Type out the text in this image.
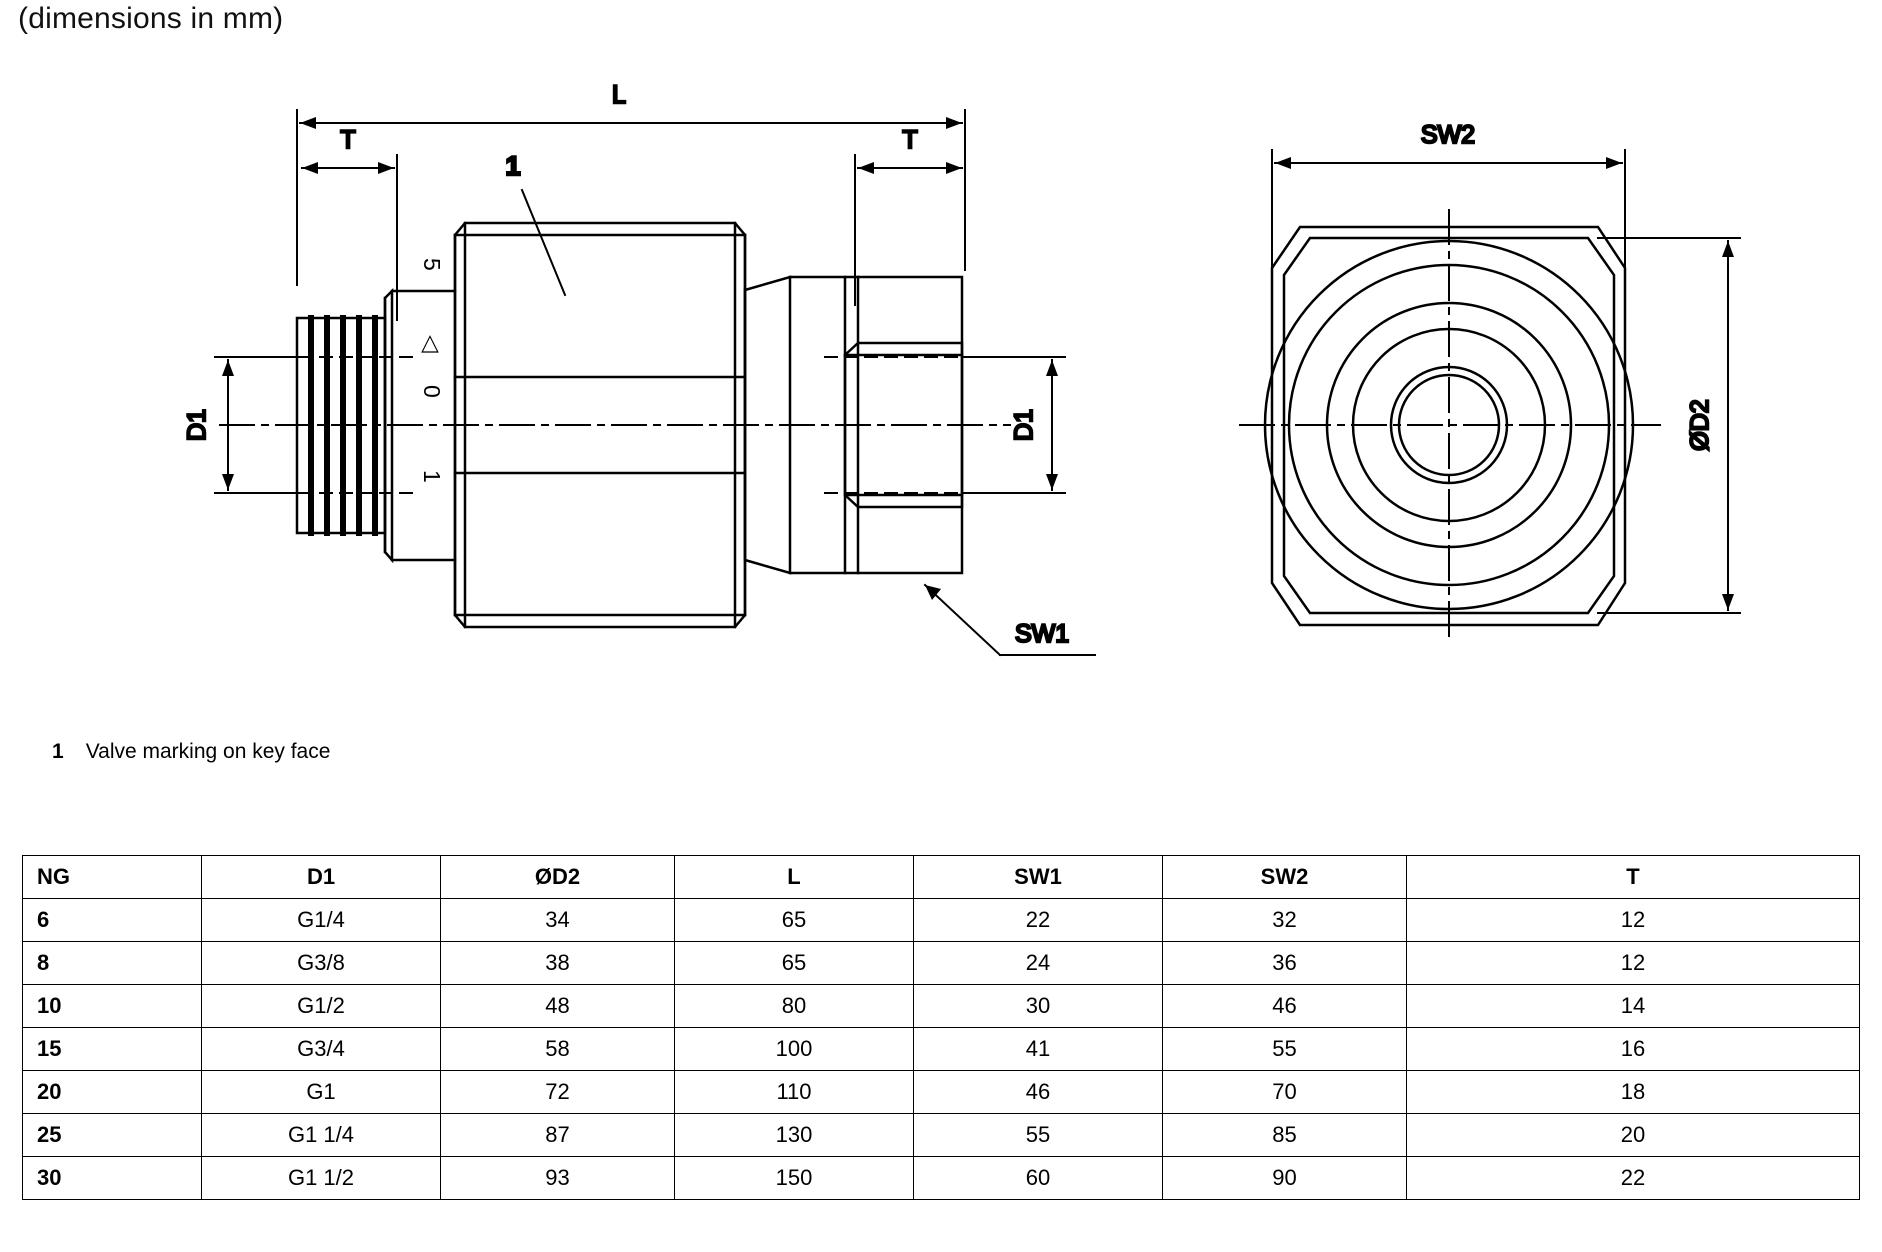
(dimensions in mm)
L
T	T
1
5
◁
0
1
D1	D1
SW1
SW2
ØD2
1 Valve marking on key face
NG	D1	ØD2	L	SW1	SW2	T
6	G1/4	34	65	22	32	12
8	G3/8	38	65	24	36	12
10	G1/2	48	80	30	46	14
15	G3/4	58	100	41	55	16
20	G1	72	110	46	70	18
25	G1 1/4	87	130	55	85	20
30	G1 1/2	93	150	60	90	22
